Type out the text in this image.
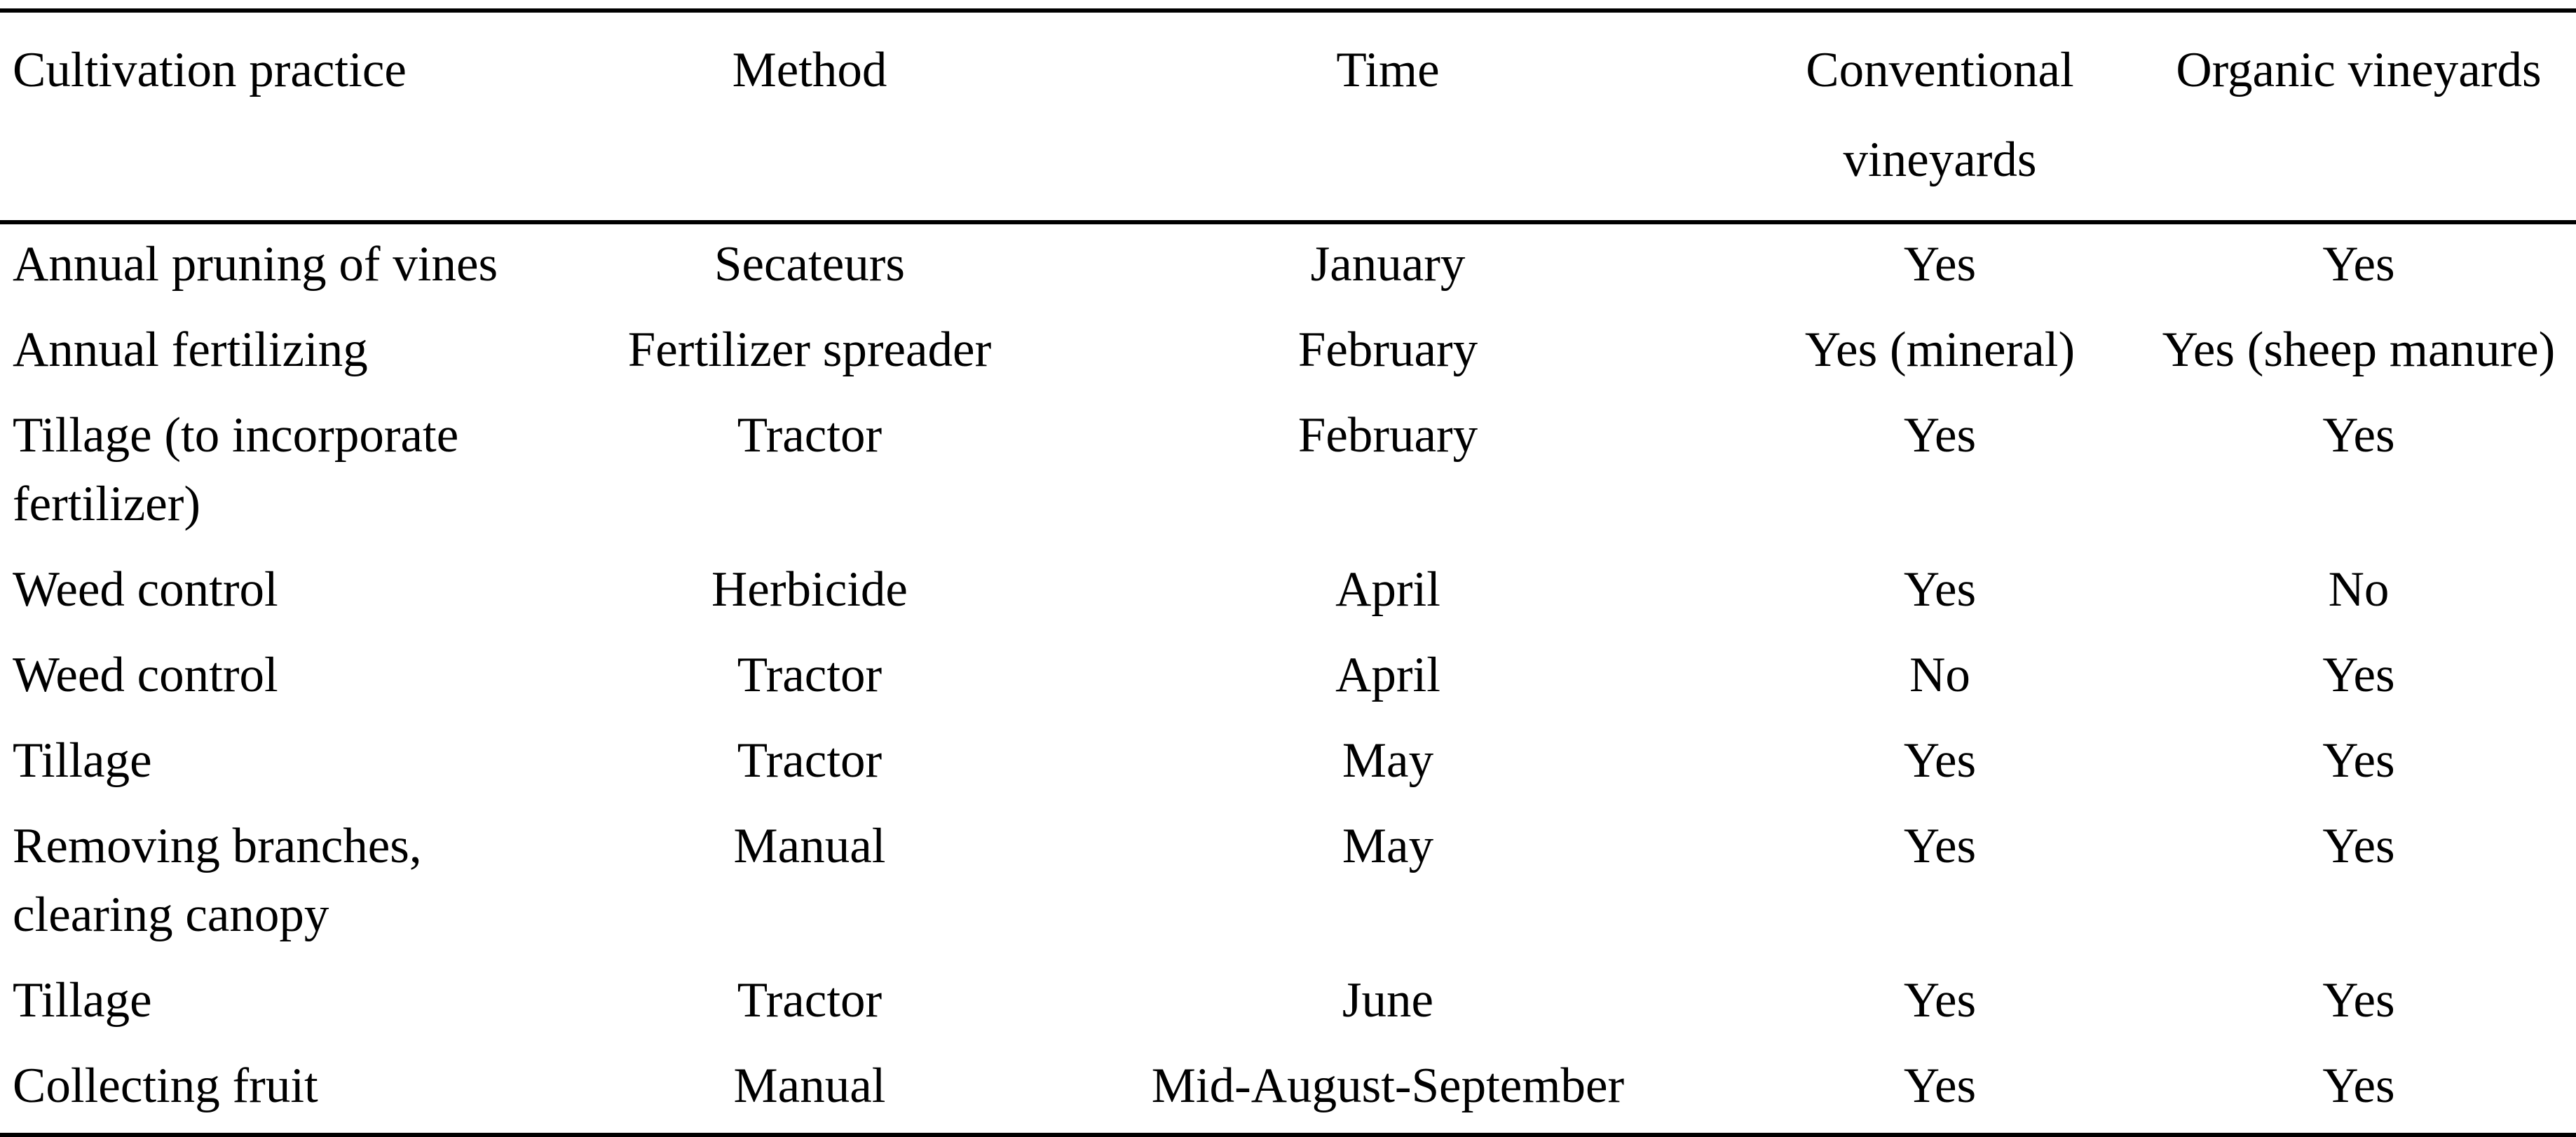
Cultivation practice	Method	Time	Conventional vineyards	Organic vineyards
Annual pruning of vines	Secateurs	January	Yes	Yes
Annual fertilizing	Fertilizer spreader	February	Yes (mineral)	Yes (sheep manure)
Tillage (to incorporate fertilizer)	Tractor	February	Yes	Yes
Weed control	Herbicide	April	Yes	No
Weed control	Tractor	April	No	Yes
Tillage	Tractor	May	Yes	Yes
Removing branches, clearing canopy	Manual	May	Yes	Yes
Tillage	Tractor	June	Yes	Yes
Collecting fruit	Manual	Mid-August-September	Yes	Yes
